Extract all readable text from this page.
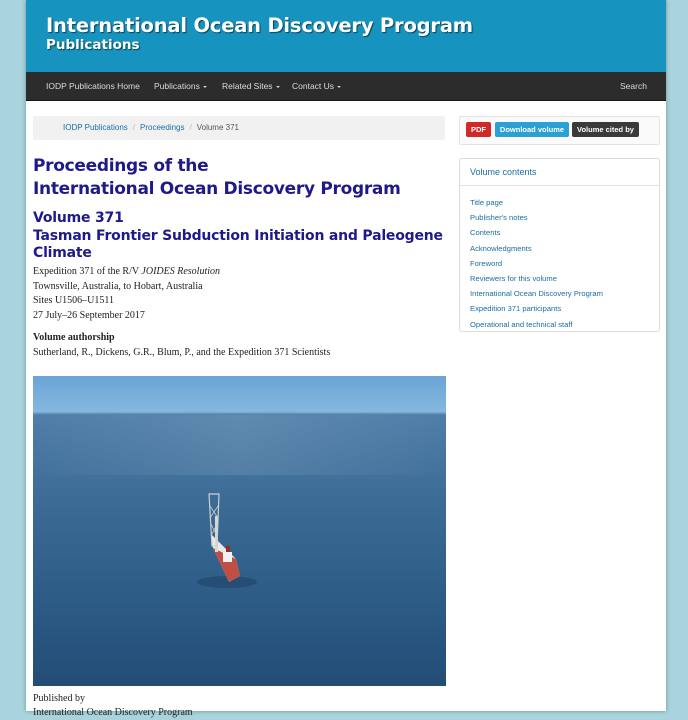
International Ocean Discovery Program
Publications
IODP Publications Home Publications	Related Sites	Contact Us	Search
IODP Publications / Proceedings / Volume 371
Proceedings of the
International Ocean Discovery Program
Volume 371
Tasman Frontier Subduction Initiation and Paleogene Climate
Expedition 371 of the R/V JOIDES Resolution
Townsville, Australia, to Hobart, Australia
Sites U1506–U1511
27 July–26 September 2017
Volume authorship
Sutherland, R., Dickens, G.R., Blum, P., and the Expedition 371 Scientists
Published by
International Ocean Discovery Program
PDF	Download volume	Volume cited by
Volume contents
Title page
Publisher's notes
Contents
Acknowledgments
Foreword
Reviewers for this volume
International Ocean Discovery Program
Expedition 371 participants
Operational and technical staff
